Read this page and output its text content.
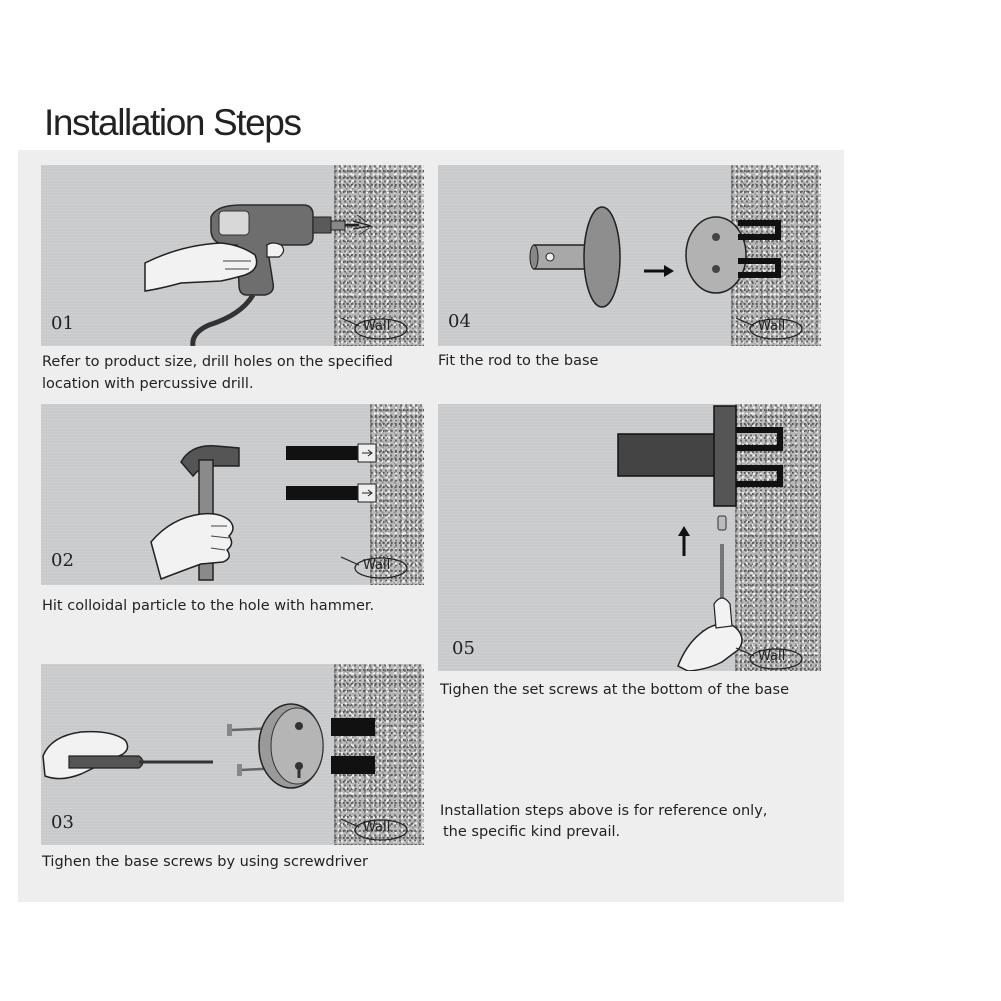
Installation Steps
01	Wall

Refer to product size, drill holes on the specified

location with percussive drill.

02	Wall

Hit colloidal particle to the hole with hammer.

03	Wall

Tighen the base screws by using screwdriver

04	Wall

Fit the rod to the base

05	Wall

Tighen the set screws at the bottom of the base

Installation steps above is for reference only,

the specific kind prevail.
